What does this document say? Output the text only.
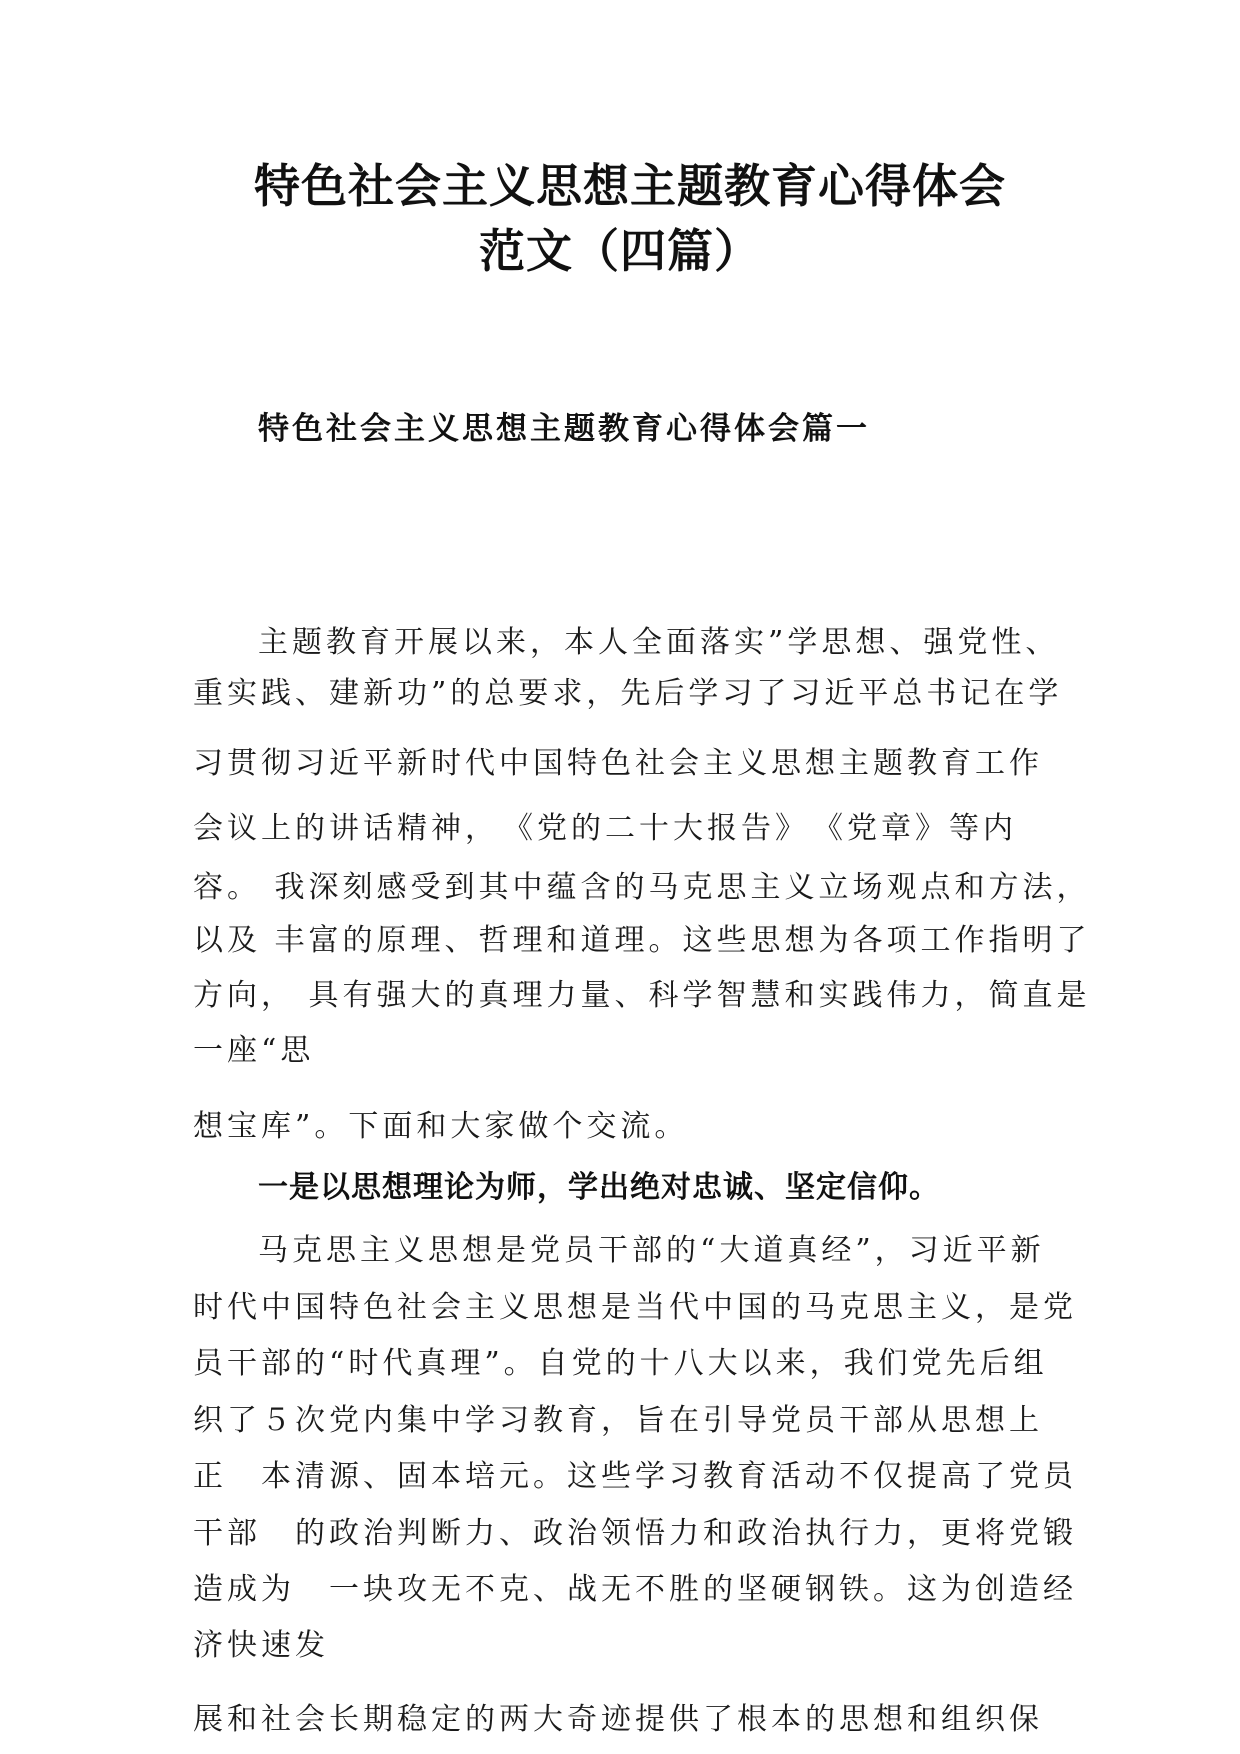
特色社会主义思想主题教育心得体会
范文（四篇）
特色社会主义思想主题教育心得体会篇一
主题教育开展以来，本人全面落实”学思想、强党性、
重实践、建新功”的总要求，先后学习了习近平总书记在学
习贯彻习近平新时代中国特色社会主义思想主题教育工作
会议上的讲话精神，　《党的二十大报告》　《党章》等内
容。 我深刻感受到其中蕴含的马克思主义立场观点和方法，
以及 丰富的原理、哲理和道理。这些思想为各项工作指明了
方向， 具有强大的真理力量、科学智慧和实践伟力，简直是
一座“思
想宝库”。下面和大家做个交流。
一是以思想理论为师，学出绝对忠诚、坚定信仰。
马克思主义思想是党员干部的“大道真经”，习近平新
时代中国特色社会主义思想是当代中国的马克思主义，是党
员干部的“时代真理”。自党的十八大以来，我们党先后组
织了５次党内集中学习教育，旨在引导党员干部从思想上
正　本清源、固本培元。这些学习教育活动不仅提高了党员
干部　的政治判断力、政治领悟力和政治执行力，更将党锻
造成为　一块攻无不克、战无不胜的坚硬钢铁。这为创造经
济快速发
展和社会长期稳定的两大奇迹提供了根本的思想和组织保
